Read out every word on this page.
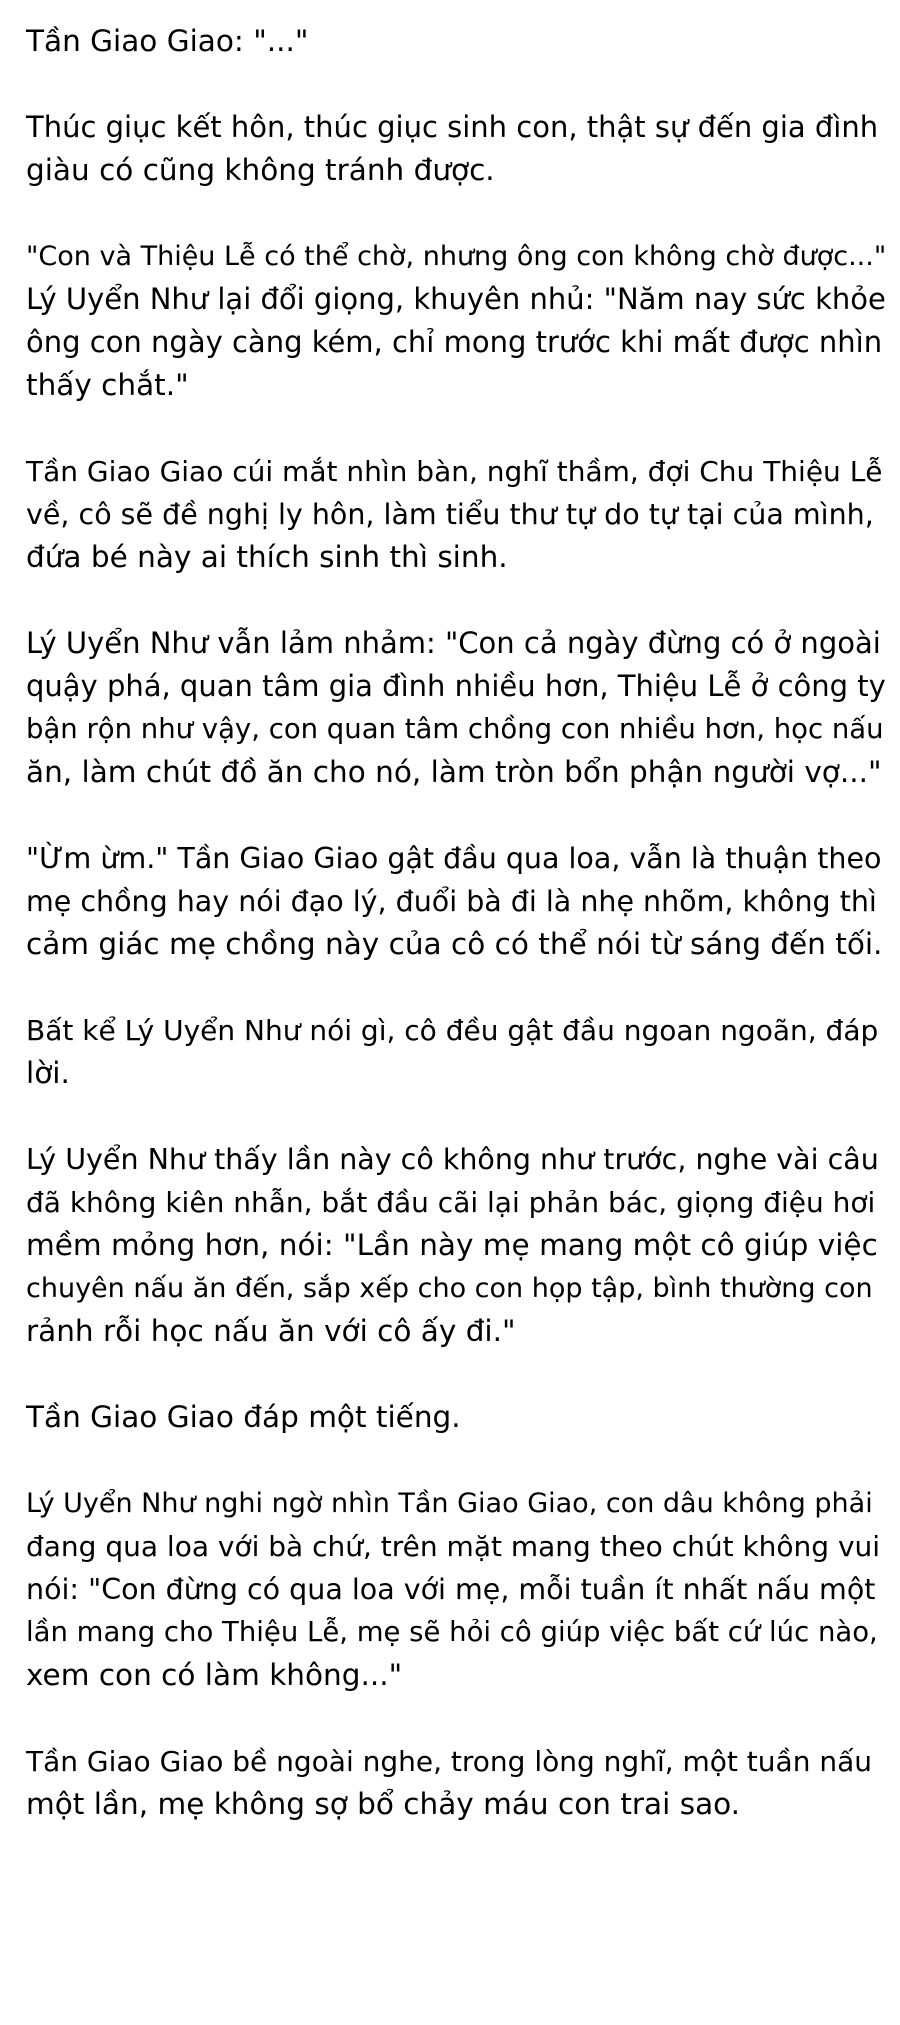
Tần Giao Giao: "..."
Thúc giục kết hôn, thúc giục sinh con, thật sự đến gia đình
giàu có cũng không tránh được.
"Con và Thiệu Lễ có thể chờ, nhưng ông con không chờ được..."
Lý Uyển Như lại đổi giọng, khuyên nhủ: "Năm nay sức khỏe
ông con ngày càng kém, chỉ mong trước khi mất được nhìn
thấy chắt."
Tần Giao Giao cúi mắt nhìn bàn, nghĩ thầm, đợi Chu Thiệu Lễ
về, cô sẽ đề nghị ly hôn, làm tiểu thư tự do tự tại của mình,
đứa bé này ai thích sinh thì sinh.
Lý Uyển Như vẫn lảm nhảm: "Con cả ngày đừng có ở ngoài
quậy phá, quan tâm gia đình nhiều hơn, Thiệu Lễ ở công ty
bận rộn như vậy, con quan tâm chồng con nhiều hơn, học nấu
ăn, làm chút đồ ăn cho nó, làm tròn bổn phận người vợ..."
"Ừm ừm." Tần Giao Giao gật đầu qua loa, vẫn là thuận theo
mẹ chồng hay nói đạo lý, đuổi bà đi là nhẹ nhõm, không thì
cảm giác mẹ chồng này của cô có thể nói từ sáng đến tối.
Bất kể Lý Uyển Như nói gì, cô đều gật đầu ngoan ngoãn, đáp
lời.
Lý Uyển Như thấy lần này cô không như trước, nghe vài câu
đã không kiên nhẫn, bắt đầu cãi lại phản bác, giọng điệu hơi
mềm mỏng hơn, nói: "Lần này mẹ mang một cô giúp việc
chuyên nấu ăn đến, sắp xếp cho con họp tập, bình thường con
rảnh rỗi học nấu ăn với cô ấy đi."
Tần Giao Giao đáp một tiếng.
Lý Uyển Như nghi ngờ nhìn Tần Giao Giao, con dâu không phải
đang qua loa với bà chứ, trên mặt mang theo chút không vui
nói: "Con đừng có qua loa với mẹ, mỗi tuần ít nhất nấu một
lần mang cho Thiệu Lễ, mẹ sẽ hỏi cô giúp việc bất cứ lúc nào,
xem con có làm không..."
Tần Giao Giao bề ngoài nghe, trong lòng nghĩ, một tuần nấu
một lần, mẹ không sợ bổ chảy máu con trai sao.
